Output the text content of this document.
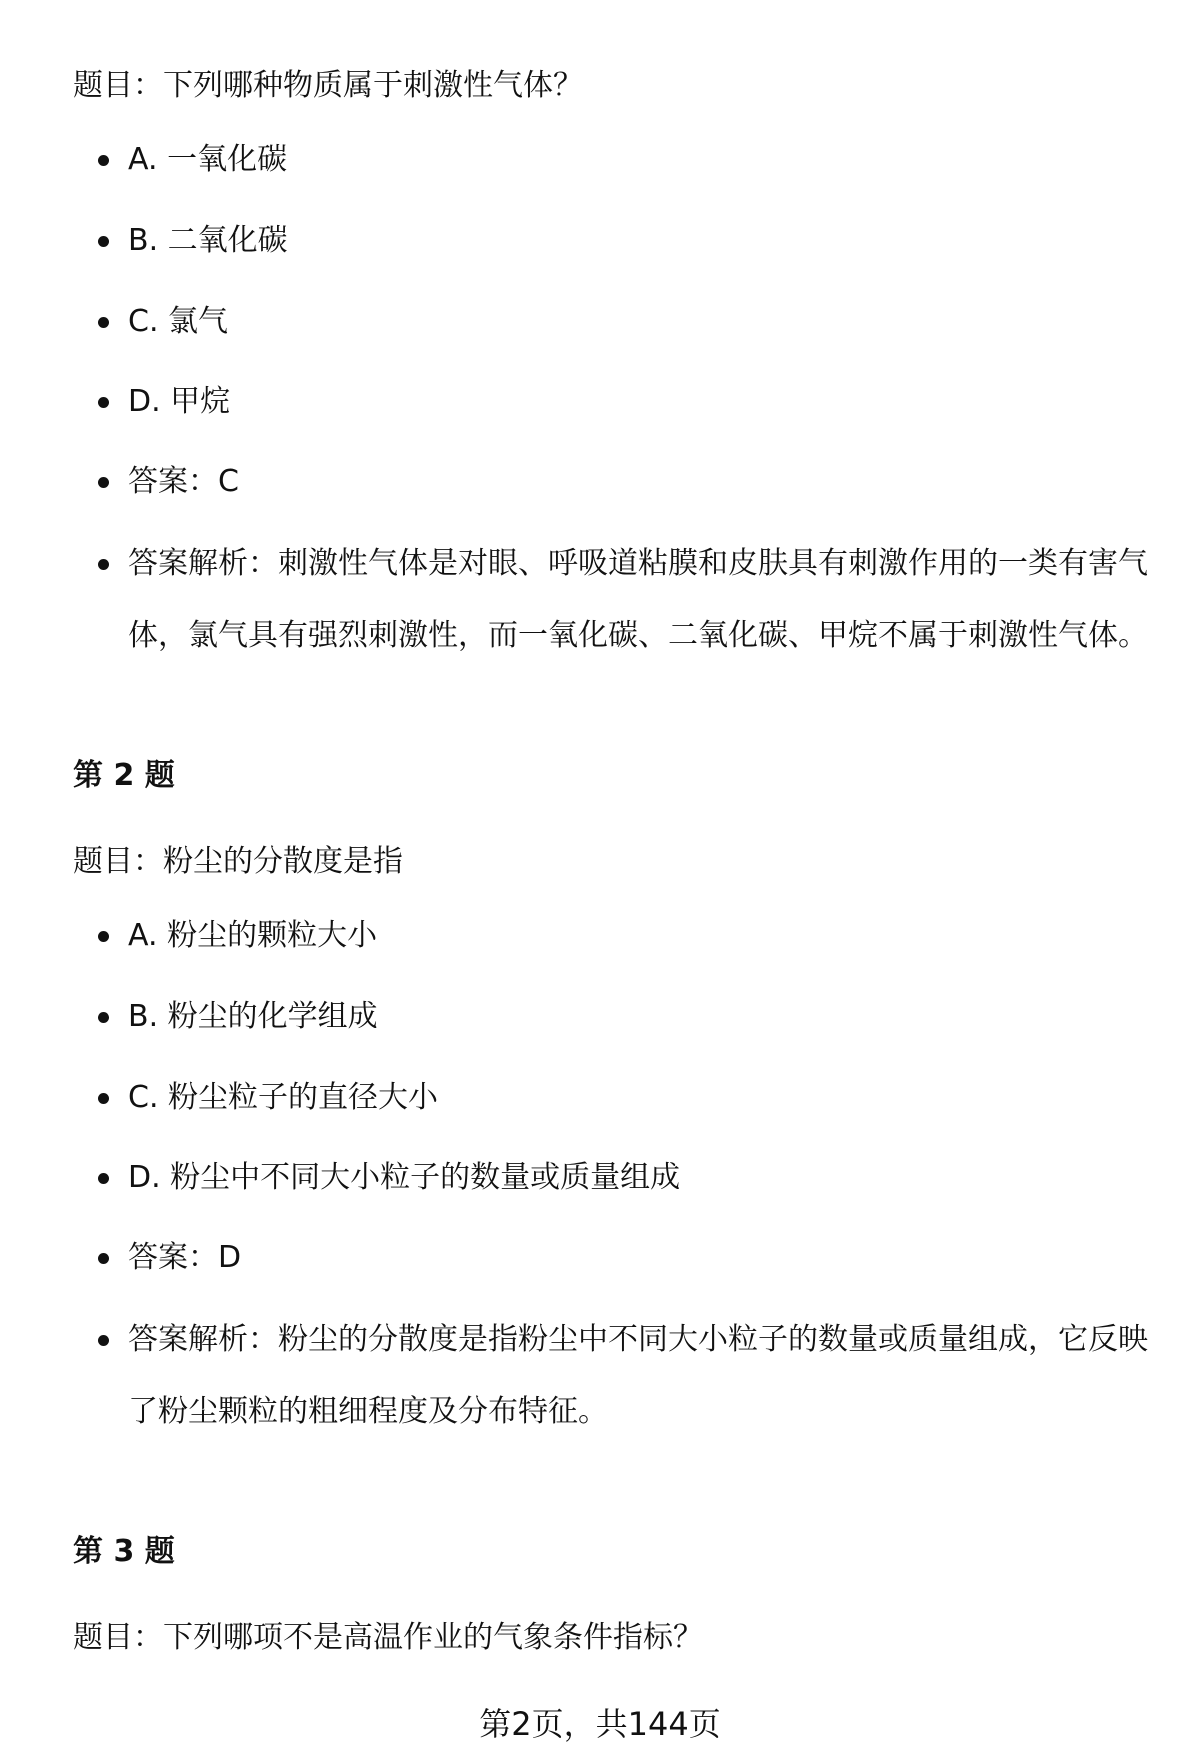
题目：下列哪种物质属于刺激性气体？

A. 一氧化碳
B. 二氧化碳
C. 氯气
D. 甲烷
答案：C
答案解析：刺激性气体是对眼、呼吸道粘膜和皮肤具有刺激作用的一类有害气体，氯气具有强烈刺激性，而一氧化碳、二氧化碳、甲烷不属于刺激性气体。

第 2 题

题目：粉尘的分散度是指

A. 粉尘的颗粒大小
B. 粉尘的化学组成
C. 粉尘粒子的直径大小
D. 粉尘中不同大小粒子的数量或质量组成
答案：D
答案解析：粉尘的分散度是指粉尘中不同大小粒子的数量或质量组成，它反映了粉尘颗粒的粗细程度及分布特征。

第 3 题

题目：下列哪项不是高温作业的气象条件指标？

第2页，共144页
